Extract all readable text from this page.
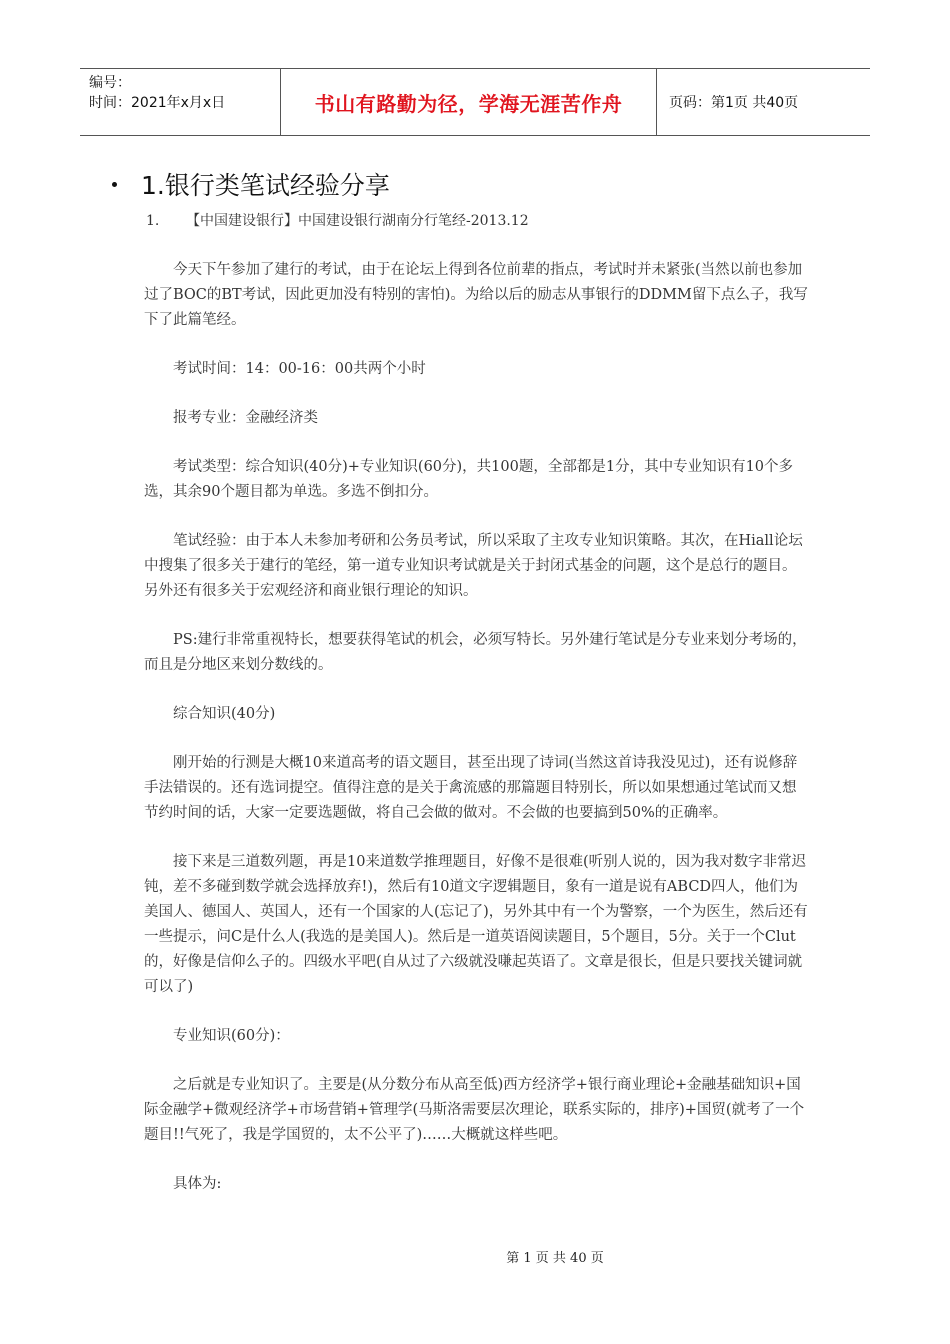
编号：
时间：2021年x月x日	书山有路勤为径，学海无涯苦作舟	页码：第1页 共40页
1.银行类笔试经验分享
1. 【中国建设银行】中国建设银行湖南分行笔经-2013.12

今天下午参加了建行的考试，由于在论坛上得到各位前辈的指点，考试时并未紧张(当然以前也参加过了BOC的BT考试，因此更加没有特别的害怕)。为给以后的励志从事银行的DDMM留下点么子，我写下了此篇笔经。

考试时间：14：00-16：00共两个小时

报考专业：金融经济类

考试类型：综合知识(40分)+专业知识(60分)，共100题，全部都是1分，其中专业知识有10个多选，其余90个题目都为单选。多选不倒扣分。

笔试经验：由于本人未参加考研和公务员考试，所以采取了主攻专业知识策略。其次，在Hiall论坛中搜集了很多关于建行的笔经，第一道专业知识考试就是关于封闭式基金的问题，这个是总行的题目。另外还有很多关于宏观经济和商业银行理论的知识。

PS:建行非常重视特长，想要获得笔试的机会，必须写特长。另外建行笔试是分专业来划分考场的，而且是分地区来划分数线的。

综合知识(40分)

刚开始的行测是大概10来道高考的语文题目，甚至出现了诗词(当然这首诗我没见过)，还有说修辞手法错误的。还有选词提空。值得注意的是关于禽流感的那篇题目特别长，所以如果想通过笔试而又想节约时间的话，大家一定要选题做，将自己会做的做对。不会做的也要搞到50%的正确率。

接下来是三道数列题，再是10来道数学推理题目，好像不是很难(听别人说的，因为我对数字非常迟钝，差不多碰到数学就会选择放弃!)，然后有10道文字逻辑题目，象有一道是说有ABCD四人，他们为美国人、德国人、英国人，还有一个国家的人(忘记了)，另外其中有一个为警察，一个为医生，然后还有一些提示，问C是什么人(我选的是美国人)。然后是一道英语阅读题目，5个题目，5分。关于一个Clut的，好像是信仰么子的。四级水平吧(自从过了六级就没嗛起英语了。文章是很长，但是只要找关键词就可以了)

专业知识(60分)：

之后就是专业知识了。主要是(从分数分布从高至低)西方经济学+银行商业理论+金融基础知识+国际金融学+微观经济学+市场营销+管理学(马斯洛需要层次理论，联系实际的，排序)+国贸(就考了一个题目!!气死了，我是学国贸的，太不公平了)……大概就这样些吧。

具体为:

第 1 页 共 40 页
